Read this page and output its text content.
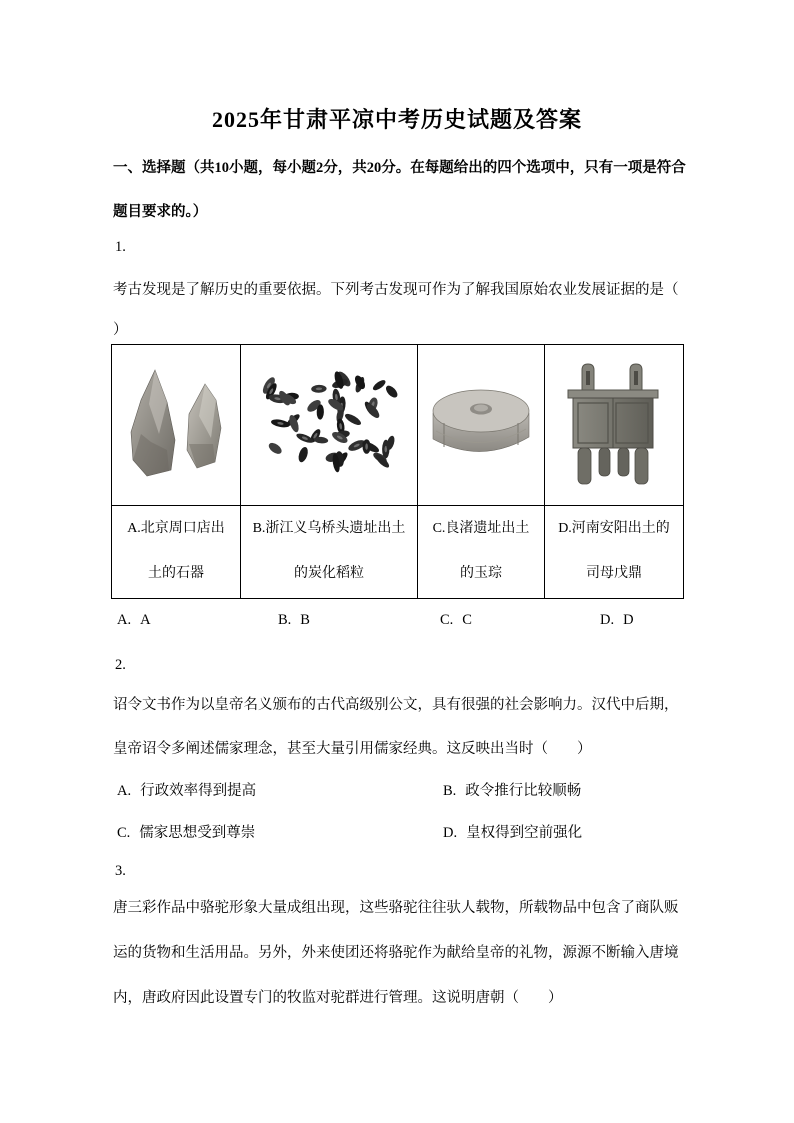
2025年甘肃平凉中考历史试题及答案
一、选择题（共10小题，每小题2分，共20分。在每题给出的四个选项中，只有一项是符合
题目要求的。）
1.
考古发现是了解历史的重要依据。下列考古发现可作为了解我国原始农业发展证据的是（
）
A.北京周口店出
土的石器
B.浙江义乌桥头遗址出土
的炭化稻粒
C.良渚遗址出土
的玉琮
D.河南安阳出土的
司母戊鼎
A. A	B. B	C. C	D. D
2.
诏令文书作为以皇帝名义颁布的古代高级别公文，具有很强的社会影响力。汉代中后期，
皇帝诏令多阐述儒家理念，甚至大量引用儒家经典。这反映出当时（　　）
A. 行政效率得到提高	B. 政令推行比较顺畅
C. 儒家思想受到尊崇	D. 皇权得到空前强化
3.
唐三彩作品中骆驼形象大量成组出现，这些骆驼往往驮人载物，所载物品中包含了商队贩
运的货物和生活用品。另外，外来使团还将骆驼作为献给皇帝的礼物，源源不断输入唐境
内，唐政府因此设置专门的牧监对驼群进行管理。这说明唐朝（　　）
